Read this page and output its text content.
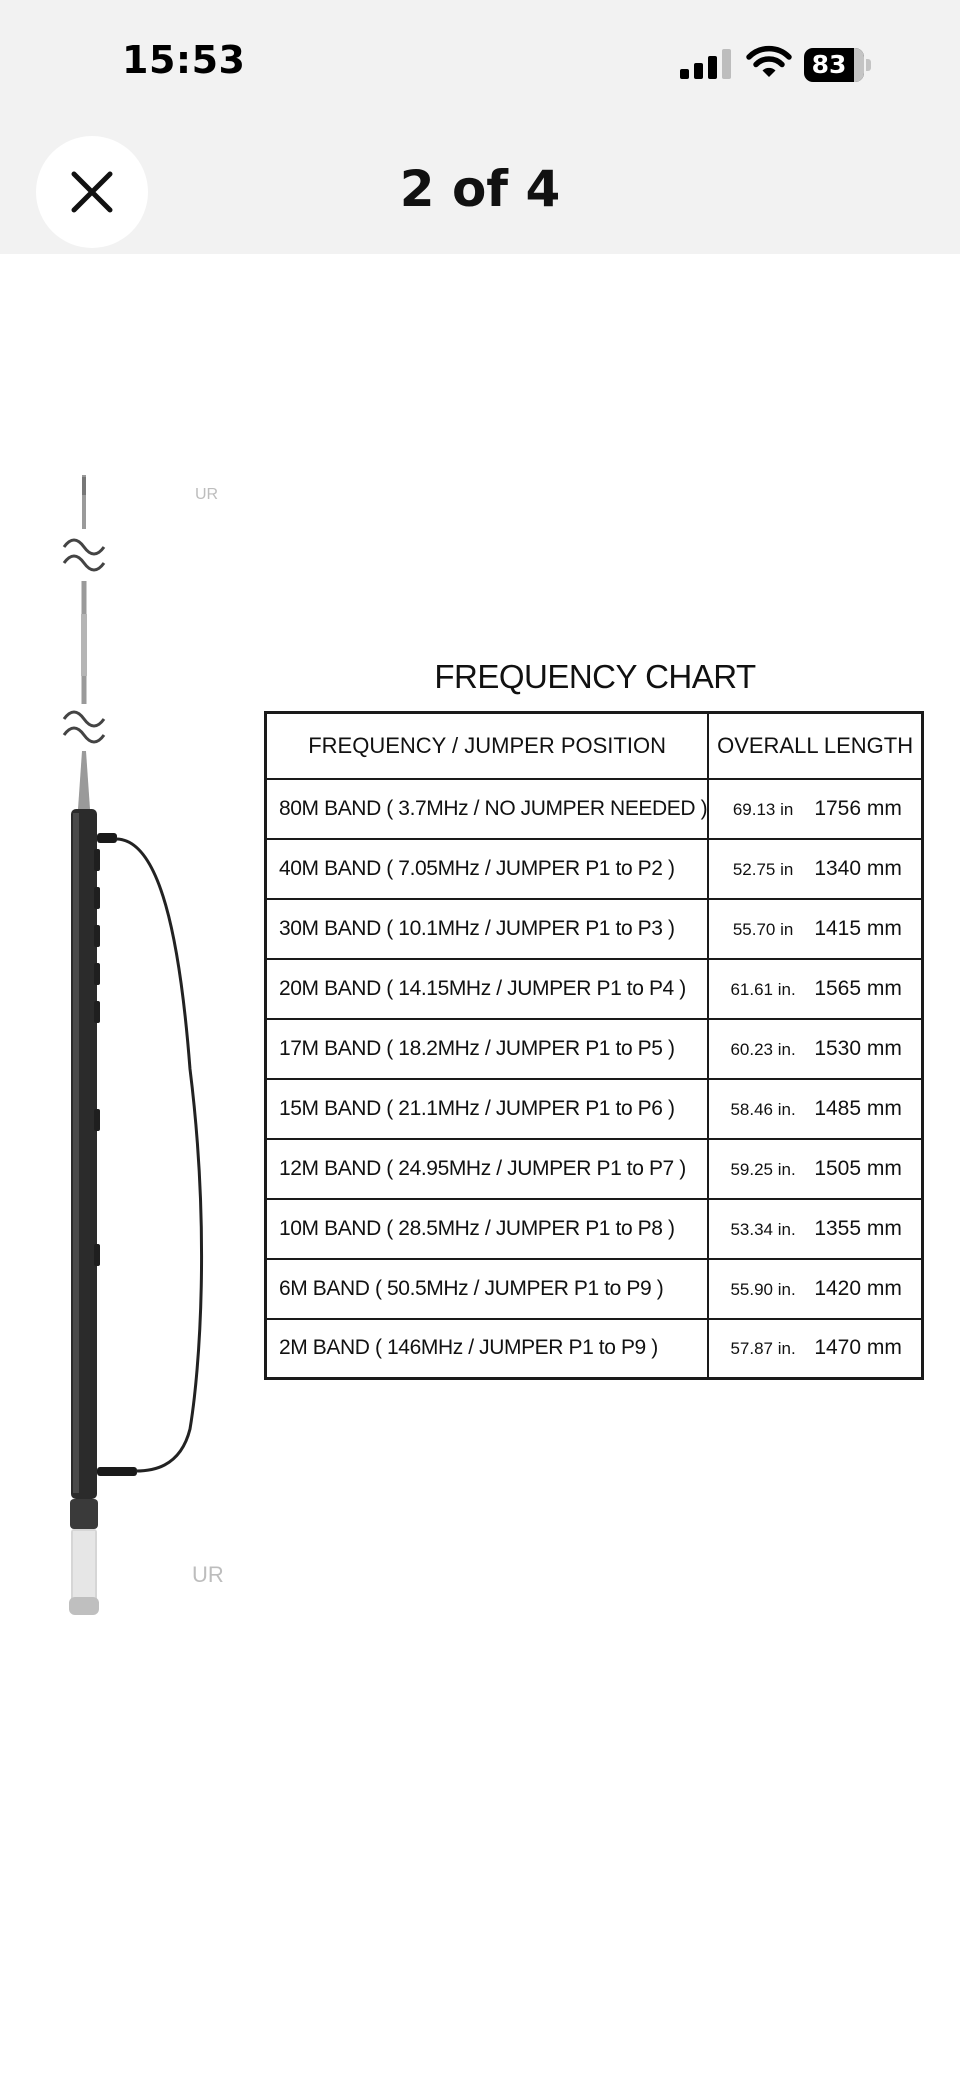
15:53	83
2 of 4
UR
UR
FREQUENCY CHART
FREQUENCY / JUMPER POSITION	OVERALL LENGTH
80M BAND ( 3.7MHz / NO JUMPER NEEDED )	69.13 in 1756 mm
40M BAND ( 7.05MHz / JUMPER P1 to P2 )	52.75 in 1340 mm
30M BAND ( 10.1MHz / JUMPER P1 to P3 )	55.70 in 1415 mm
20M BAND ( 14.15MHz / JUMPER P1 to P4 )	61.61 in. 1565 mm
17M BAND ( 18.2MHz / JUMPER P1 to P5 )	60.23 in. 1530 mm
15M BAND ( 21.1MHz / JUMPER P1 to P6 )	58.46 in. 1485 mm
12M BAND ( 24.95MHz / JUMPER P1 to P7 )	59.25 in. 1505 mm
10M BAND ( 28.5MHz / JUMPER P1 to P8 )	53.34 in. 1355 mm
6M BAND ( 50.5MHz / JUMPER P1 to P9 )	55.90 in. 1420 mm
2M BAND ( 146MHz / JUMPER P1 to P9 )	57.87 in. 1470 mm
